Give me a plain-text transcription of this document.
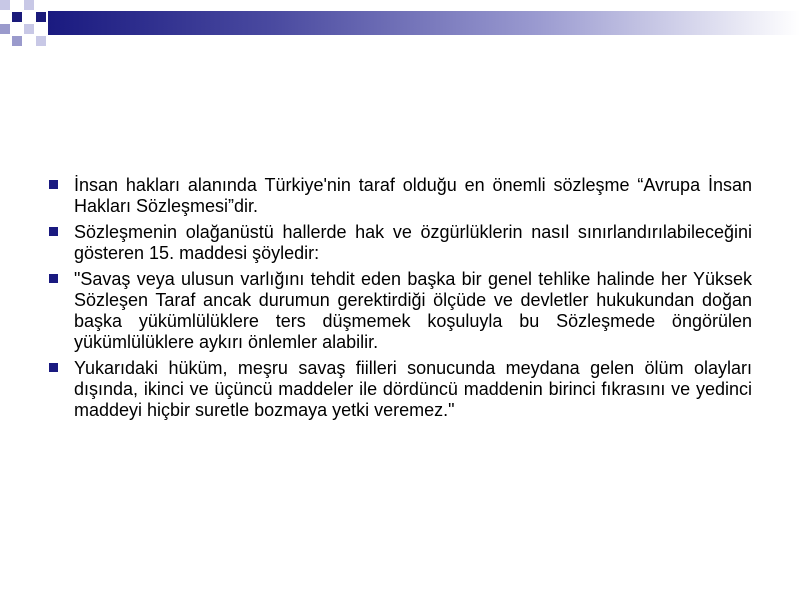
İnsan hakları alanında Türkiye'nin taraf olduğu en önemli sözleşme “Avrupa İnsan Hakları Sözleşmesi”dir.
Sözleşmenin olağanüstü hallerde hak ve özgürlüklerin nasıl sınırlandırılabileceğini gösteren 15. maddesi şöyledir:
"Savaş veya ulusun varlığını tehdit eden başka bir genel tehlike halinde her Yüksek Sözleşen Taraf ancak durumun gerektirdiği ölçüde ve devletler hukukundan doğan başka yükümlülüklere ters düşmemek koşuluyla bu Sözleşmede öngörülen yükümlülüklere aykırı önlemler alabilir.
Yukarıdaki hüküm, meşru savaş fiilleri sonucunda meydana gelen ölüm olayları dışında, ikinci ve üçüncü maddeler ile dördüncü maddenin birinci fıkrasını ve yedinci maddeyi hiçbir suretle bozmaya yetki veremez."
